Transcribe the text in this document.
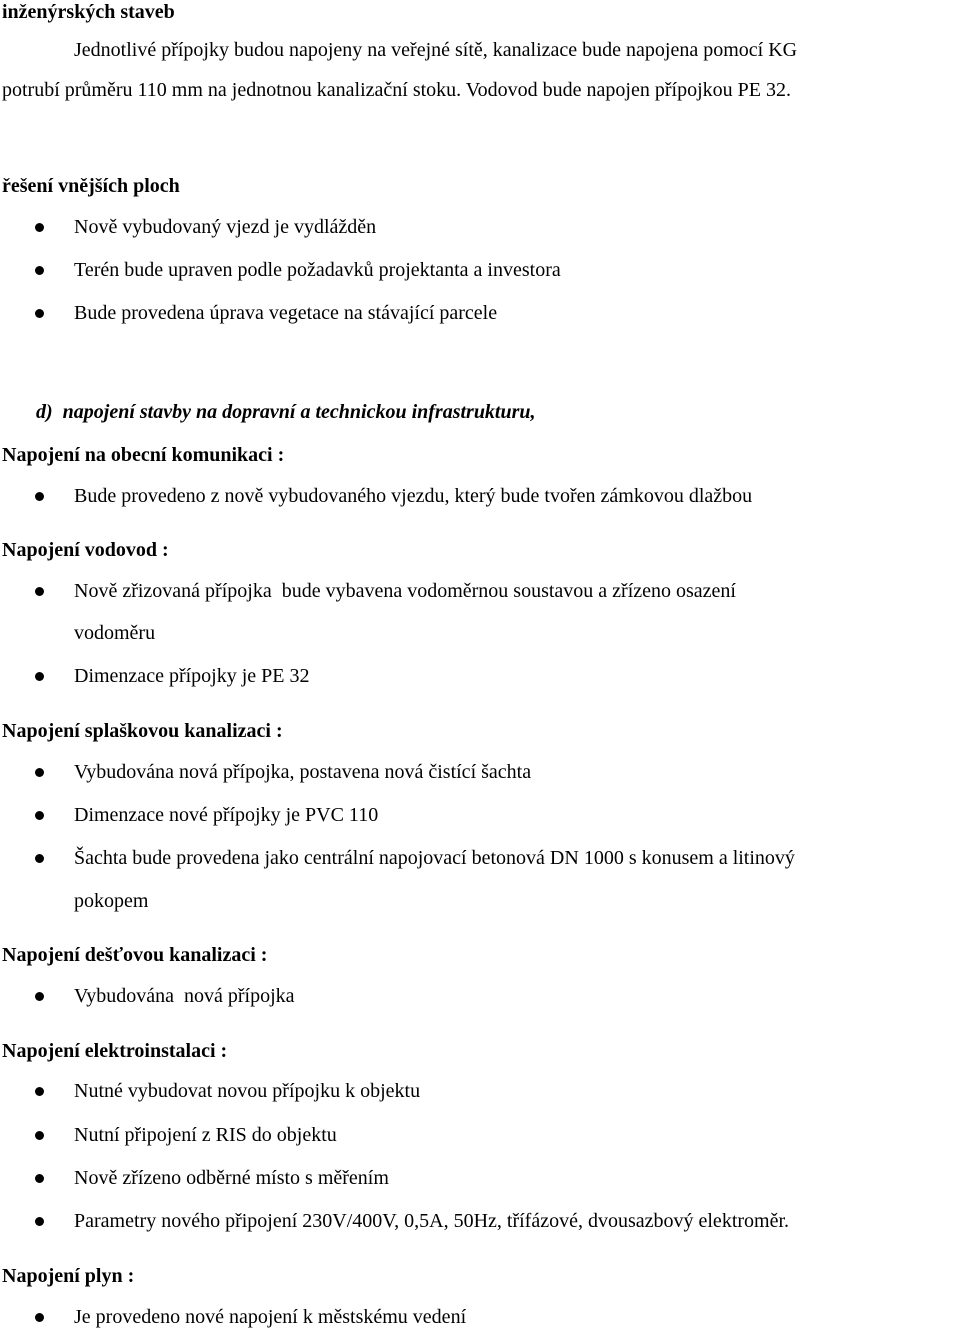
inženýrských staveb
Jednotlivé přípojky budou napojeny na veřejné sítě, kanalizace bude napojena pomocí KG
potrubí průměru 110 mm na jednotnou kanalizační stoku. Vodovod bude napojen přípojkou PE 32.
řešení vnějších ploch
Nově vybudovaný vjezd je vydlážděn
Terén bude upraven podle požadavků projektanta a investora
Bude provedena úprava vegetace na stávající parcele
d)  napojení stavby na dopravní a technickou infrastrukturu,
Napojení na obecní komunikaci :
Bude provedeno z nově vybudovaného vjezdu, který bude tvořen zámkovou dlažbou
Napojení vodovod :
Nově zřizovaná přípojka  bude vybavena vodoměrnou soustavou a zřízeno osazení
vodoměru
Dimenzace přípojky je PE 32
Napojení splaškovou kanalizaci :
Vybudována nová přípojka, postavena nová čistící šachta
Dimenzace nové přípojky je PVC 110
Šachta bude provedena jako centrální napojovací betonová DN 1000 s konusem a litinový
pokopem
Napojení dešťovou kanalizaci :
Vybudována  nová přípojka
Napojení elektroinstalaci :
Nutné vybudovat novou přípojku k objektu
Nutní připojení z RIS do objektu
Nově zřízeno odběrné místo s měřením
Parametry nového připojení 230V/400V, 0,5A, 50Hz, třífázové, dvousazbový elektroměr.
Napojení plyn :
Je provedeno nové napojení k městskému vedení
